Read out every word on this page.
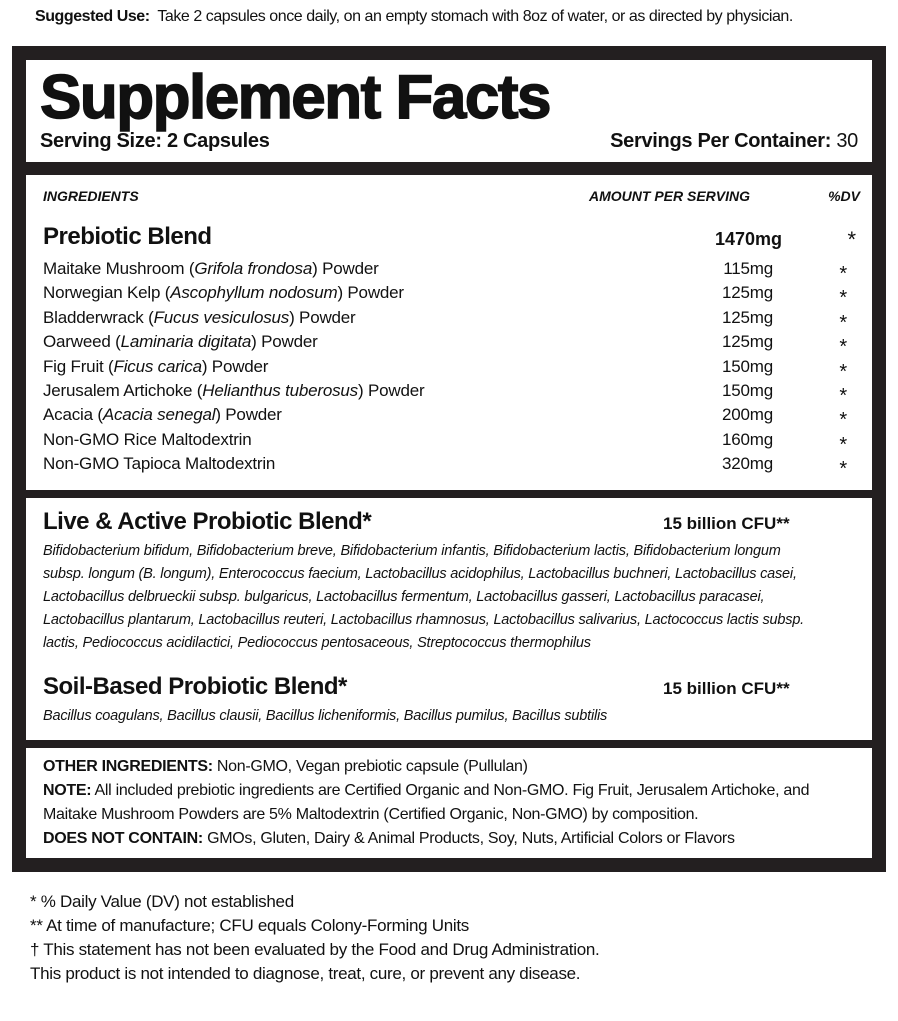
Suggested Use: Take 2 capsules once daily, on an empty stomach with 8oz of water, or as directed by physician.
Supplement Facts
Serving Size: 2 Capsules	Servings Per Container: 30
INGREDIENTS	AMOUNT PER SERVING	%DV
Prebiotic Blend	1470mg	*
Maitake Mushroom (Grifola frondosa) Powder	115mg	*
Norwegian Kelp (Ascophyllum nodosum) Powder	125mg	*
Bladderwrack (Fucus vesiculosus) Powder	125mg	*
Oarweed (Laminaria digitata) Powder	125mg	*
Fig Fruit (Ficus carica) Powder	150mg	*
Jerusalem Artichoke (Helianthus tuberosus) Powder	150mg	*
Acacia (Acacia senegal) Powder	200mg	*
Non-GMO Rice Maltodextrin	160mg	*
Non-GMO Tapioca Maltodextrin	320mg	*
Live & Active Probiotic Blend*	15 billion CFU**
Bifidobacterium bifidum, Bifidobacterium breve, Bifidobacterium infantis, Bifidobacterium lactis, Bifidobacterium longum
subsp. longum (B. longum), Enterococcus faecium, Lactobacillus acidophilus, Lactobacillus buchneri, Lactobacillus casei,
Lactobacillus delbrueckii subsp. bulgaricus, Lactobacillus fermentum, Lactobacillus gasseri, Lactobacillus paracasei,
Lactobacillus plantarum, Lactobacillus reuteri, Lactobacillus rhamnosus, Lactobacillus salivarius, Lactococcus lactis subsp.
lactis, Pediococcus acidilactici, Pediococcus pentosaceous, Streptococcus thermophilus
Soil-Based Probiotic Blend*	15 billion CFU**
Bacillus coagulans, Bacillus clausii, Bacillus licheniformis, Bacillus pumilus, Bacillus subtilis
OTHER INGREDIENTS: Non-GMO, Vegan prebiotic capsule (Pullulan)
NOTE: All included prebiotic ingredients are Certified Organic and Non-GMO. Fig Fruit, Jerusalem Artichoke, and
Maitake Mushroom Powders are 5% Maltodextrin (Certified Organic, Non-GMO) by composition.
DOES NOT CONTAIN: GMOs, Gluten, Dairy & Animal Products, Soy, Nuts, Artificial Colors or Flavors
* % Daily Value (DV) not established
** At time of manufacture; CFU equals Colony-Forming Units
† This statement has not been evaluated by the Food and Drug Administration.
This product is not intended to diagnose, treat, cure, or prevent any disease.
